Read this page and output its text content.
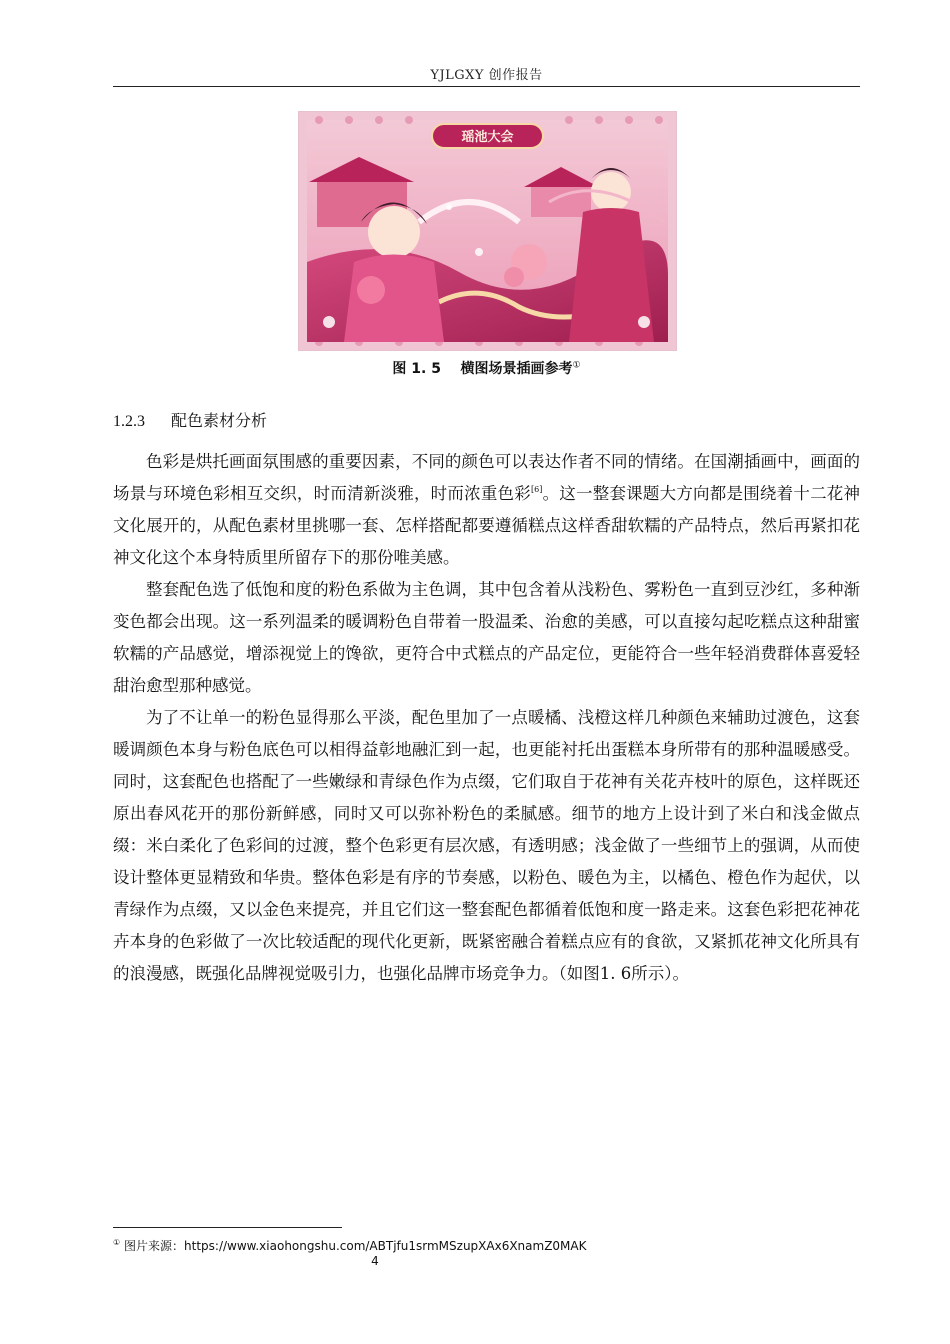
YJLGXY 创作报告
瑶池大会
图 1. 5 横图场景插画参考①
1.2.3 配色素材分析

色彩是烘托画面氛围感的重要因素，不同的颜色可以表达作者不同的情绪。在国潮插画中，画面的场景与环境色彩相互交织，时而清新淡雅，时而浓重色彩[6]。这一整套课题大方向都是围绕着十二花神文化展开的，从配色素材里挑哪一套、怎样搭配都要遵循糕点这样香甜软糯的产品特点，然后再紧扣花神文化这个本身特质里所留存下的那份唯美感。

整套配色选了低饱和度的粉色系做为主色调，其中包含着从浅粉色、雾粉色一直到豆沙红，多种渐变色都会出现。这一系列温柔的暖调粉色自带着一股温柔、治愈的美感，可以直接勾起吃糕点这种甜蜜软糯的产品感觉，增添视觉上的馋欲，更符合中式糕点的产品定位，更能符合一些年轻消费群体喜爱轻甜治愈型那种感觉。

为了不让单一的粉色显得那么平淡，配色里加了一点暖橘、浅橙这样几种颜色来辅助过渡色，这套暖调颜色本身与粉色底色可以相得益彰地融汇到一起，也更能衬托出蛋糕本身所带有的那种温暖感受。同时，这套配色也搭配了一些嫩绿和青绿色作为点缀，它们取自于花神有关花卉枝叶的原色，这样既还原出春风花开的那份新鲜感，同时又可以弥补粉色的柔腻感。细节的地方上设计到了米白和浅金做点缀：米白柔化了色彩间的过渡，整个色彩更有层次感，有透明感；浅金做了一些细节上的强调，从而使设计整体更显精致和华贵。整体色彩是有序的节奏感，以粉色、暖色为主，以橘色、橙色作为起伏，以青绿作为点缀，又以金色来提亮，并且它们这一整套配色都循着低饱和度一路走来。这套色彩把花神花卉本身的色彩做了一次比较适配的现代化更新，既紧密融合着糕点应有的食欲，又紧抓花神文化所具有的浪漫感，既强化品牌视觉吸引力，也强化品牌市场竞争力。（如图1. 6所示）。

① 图片来源：https://www.xiaohongshu.com/ABTjfu1srmMSzupXAx6XnamZ0MAK
4
